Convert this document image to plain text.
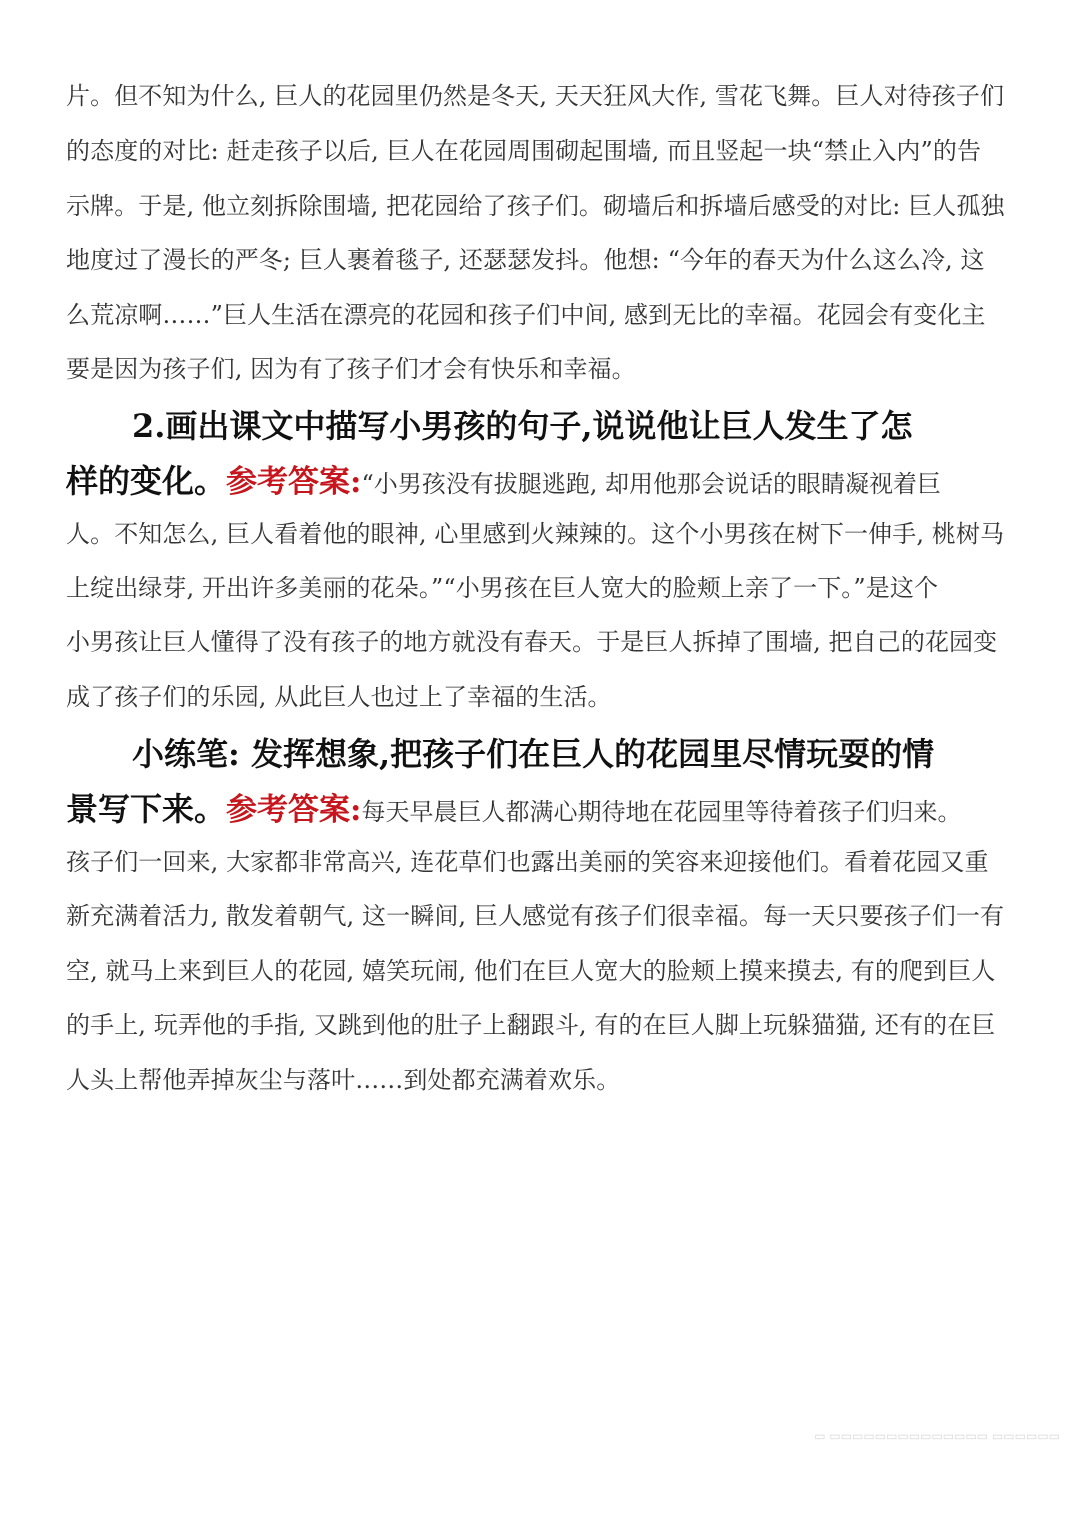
片。但不知为什么, 巨人的花园里仍然是冬天, 天天狂风大作, 雪花飞舞。巨人对待孩子们
的态度的对比: 赶走孩子以后, 巨人在花园周围砌起围墙, 而且竖起一块“禁止入内”的告
示牌。于是, 他立刻拆除围墙, 把花园给了孩子们。砌墙后和拆墙后感受的对比: 巨人孤独
地度过了漫长的严冬; 巨人裹着毯子, 还瑟瑟发抖。他想: “今年的春天为什么这么冷, 这
么荒凉啊……”巨人生活在漂亮的花园和孩子们中间, 感到无比的幸福。花园会有变化主
要是因为孩子们, 因为有了孩子们才会有快乐和幸福。
2.画出课文中描写小男孩的句子,说说他让巨人发生了怎
样的变化。参考答案:“小男孩没有拔腿逃跑, 却用他那会说话的眼睛凝视着巨
人。不知怎么, 巨人看着他的眼神, 心里感到火辣辣的。这个小男孩在树下一伸手, 桃树马
上绽出绿芽, 开出许多美丽的花朵。”“小男孩在巨人宽大的脸颊上亲了一下。”是这个
小男孩让巨人懂得了没有孩子的地方就没有春天。于是巨人拆掉了围墙, 把自己的花园变
成了孩子们的乐园, 从此巨人也过上了幸福的生活。
小练笔: 发挥想象,把孩子们在巨人的花园里尽情玩耍的情
景写下来。参考答案:每天早晨巨人都满心期待地在花园里等待着孩子们归来。
孩子们一回来, 大家都非常高兴, 连花草们也露出美丽的笑容来迎接他们。看着花园又重
新充满着活力, 散发着朝气, 这一瞬间, 巨人感觉有孩子们很幸福。每一天只要孩子们一有
空, 就马上来到巨人的花园, 嬉笑玩闹, 他们在巨人宽大的脸颊上摸来摸去, 有的爬到巨人
的手上, 玩弄他的手指, 又跳到他的肚子上翻跟斗, 有的在巨人脚上玩躲猫猫, 还有的在巨
人头上帮他弄掉灰尘与落叶……到处都充满着欢乐。
▭ ▭▭▭▭▭▭▭▭▭▭▭▭▭▭ ▭▭▭▭▭▭
